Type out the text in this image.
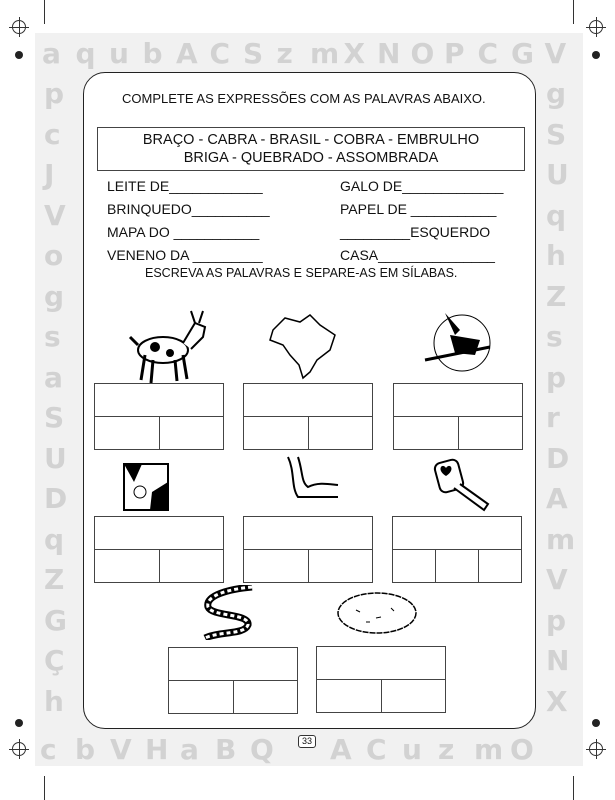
a q u b A C S z m X N O P C G V
p
c
J
V
o
g
s
a
S
U
D
q
Z
G
Ç
h
g
S
U
q
h
Z
s
p
r
D
A
m
V
p
N
X
c b V H a B Q A C u z m O
COMPLETE AS EXPRESSÕES COM AS PALAVRAS ABAIXO.
BRAÇO - CABRA - BRASIL - COBRA - EMBRULHO
BRIGA - QUEBRADO - ASSOMBRADA
LEITE DE____________
BRINQUEDO__________
MAPA DO ___________
VENENO DA _________
GALO DE_____________
PAPEL DE ___________
_________ESQUERDO
CASA_______________
ESCREVA AS PALAVRAS E SEPARE-AS EM SÍLABAS.
33
